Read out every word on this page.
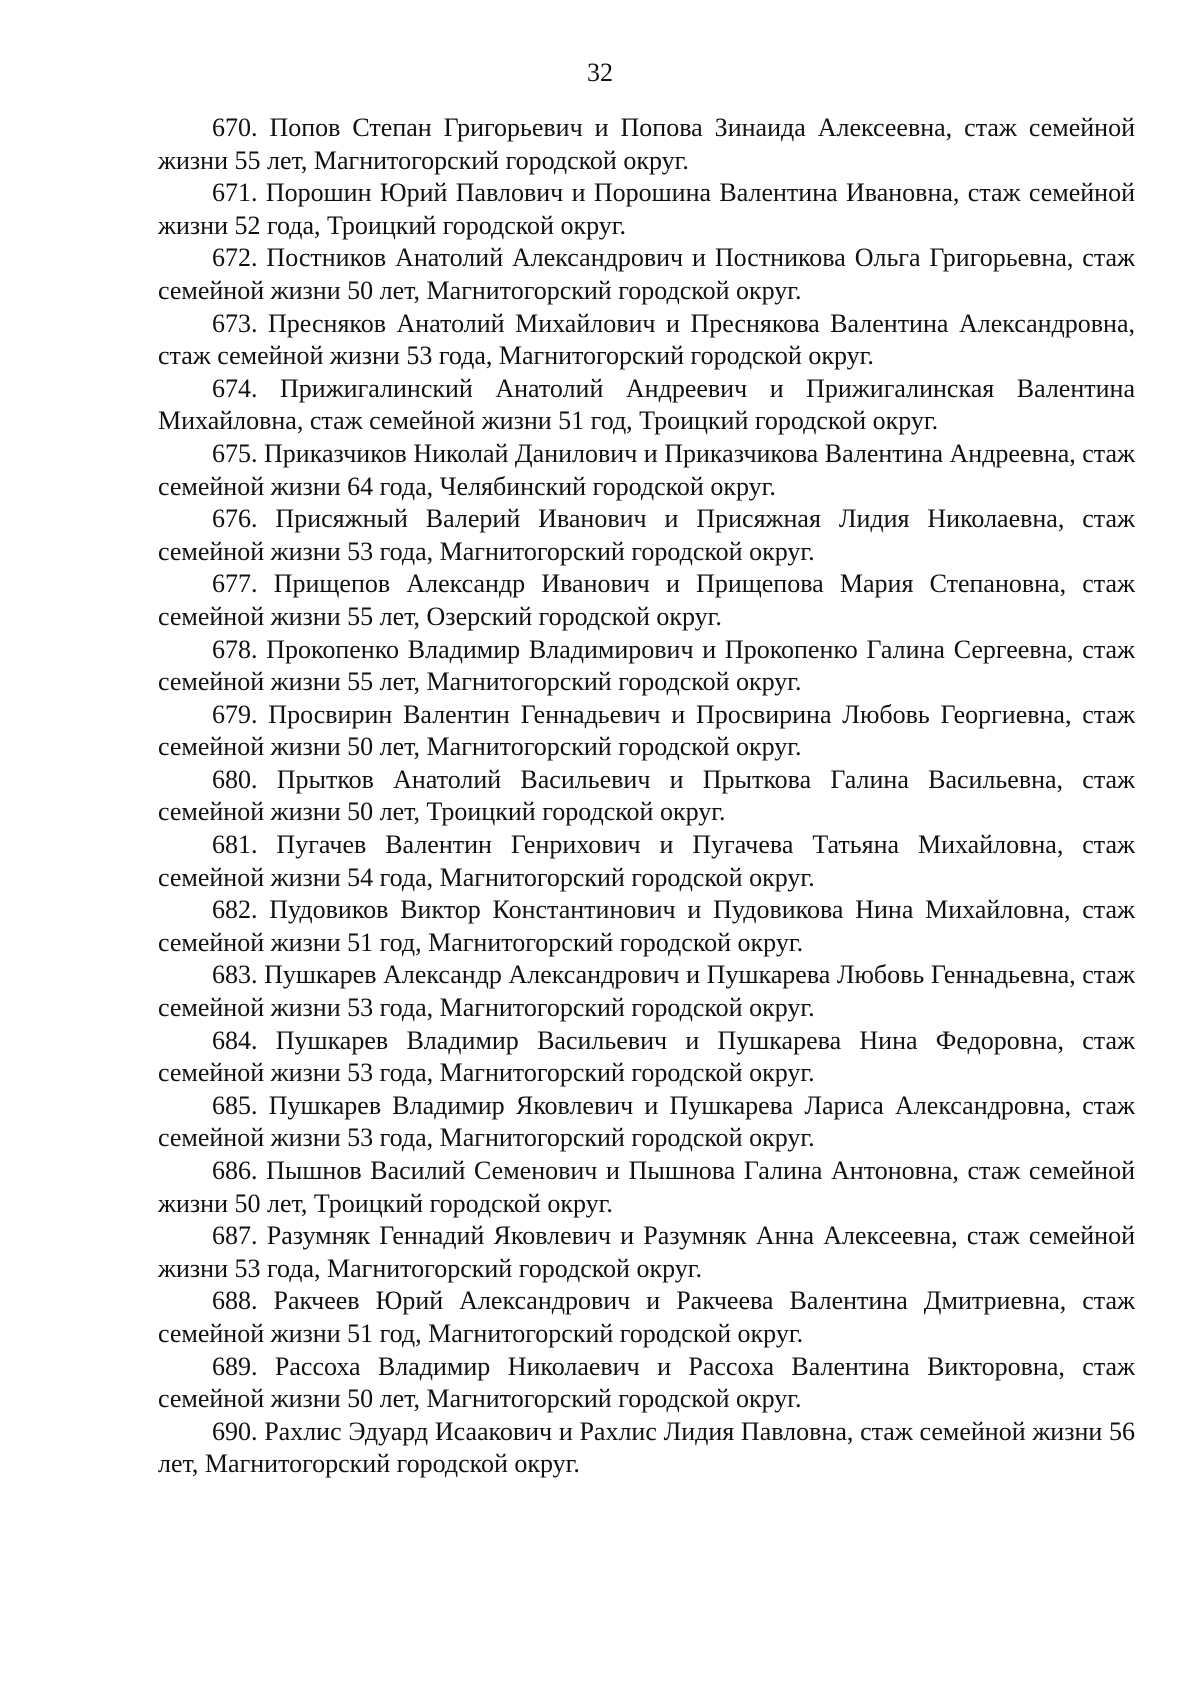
32

670. Попов Степан Григорьевич и Попова Зинаида Алексеевна, стаж семейной жизни 55 лет, Магнитогорский городской округ.

671. Порошин Юрий Павлович и Порошина Валентина Ивановна, стаж семейной жизни 52 года, Троицкий городской округ.

672. Постников Анатолий Александрович и Постникова Ольга Григорьевна, стаж семейной жизни 50 лет, Магнитогорский городской округ.

673. Пресняков Анатолий Михайлович и Преснякова Валентина Александровна, стаж семейной жизни 53 года, Магнитогорский городской округ.

674. Прижигалинский Анатолий Андреевич и Прижигалинская Валентина Михайловна, стаж семейной жизни 51 год, Троицкий городской округ.

675. Приказчиков Николай Данилович и Приказчикова Валентина Андреевна, стаж семейной жизни 64 года, Челябинский городской округ.

676. Присяжный Валерий Иванович и Присяжная Лидия Николаевна, стаж семейной жизни 53 года, Магнитогорский городской округ.

677. Прищепов Александр Иванович и Прищепова Мария Степановна, стаж семейной жизни 55 лет, Озерский городской округ.

678. Прокопенко Владимир Владимирович и Прокопенко Галина Сергеевна, стаж семейной жизни 55 лет, Магнитогорский городской округ.

679. Просвирин Валентин Геннадьевич и Просвирина Любовь Георгиевна, стаж семейной жизни 50 лет, Магнитогорский городской округ.

680. Прытков Анатолий Васильевич и Прыткова Галина Васильевна, стаж семейной жизни 50 лет, Троицкий городской округ.

681. Пугачев Валентин Генрихович и Пугачева Татьяна Михайловна, стаж семейной жизни 54 года, Магнитогорский городской округ.

682. Пудовиков Виктор Константинович и Пудовикова Нина Михайловна, стаж семейной жизни 51 год, Магнитогорский городской округ.

683. Пушкарев Александр Александрович и Пушкарева Любовь Геннадьевна, стаж семейной жизни 53 года, Магнитогорский городской округ.

684. Пушкарев Владимир Васильевич и Пушкарева Нина Федоровна, стаж семейной жизни 53 года, Магнитогорский городской округ.

685. Пушкарев Владимир Яковлевич и Пушкарева Лариса Александровна, стаж семейной жизни 53 года, Магнитогорский городской округ.

686. Пышнов Василий Семенович и Пышнова Галина Антоновна, стаж семейной жизни 50 лет, Троицкий городской округ.

687. Разумняк Геннадий Яковлевич и Разумняк Анна Алексеевна, стаж семейной жизни 53 года, Магнитогорский городской округ.

688. Ракчеев Юрий Александрович и Ракчеева Валентина Дмитриевна, стаж семейной жизни 51 год, Магнитогорский городской округ.

689. Рассоха Владимир Николаевич и Рассоха Валентина Викторовна, стаж семейной жизни 50 лет, Магнитогорский городской округ.

690. Рахлис Эдуард Исаакович и Рахлис Лидия Павловна, стаж семейной жизни 56 лет, Магнитогорский городской округ.
